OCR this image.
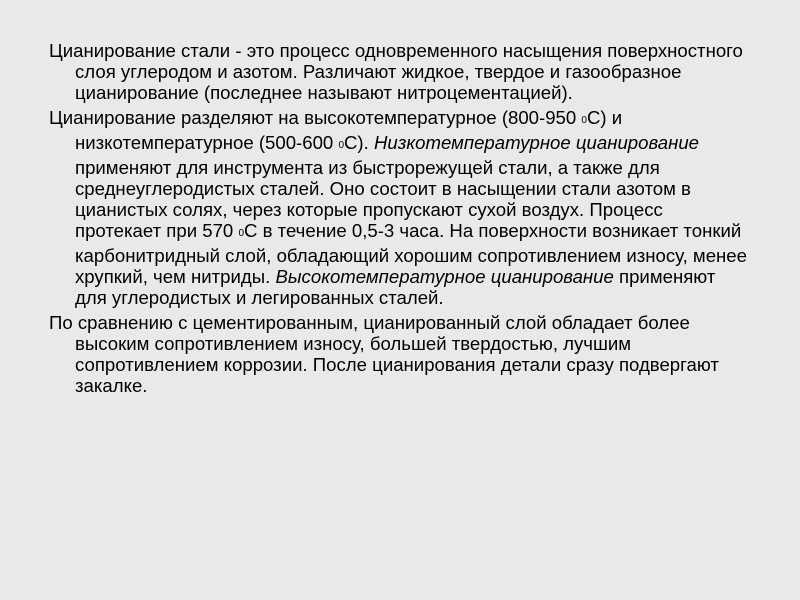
Цианирование стали - это процесс одновременного насыщения поверхностного слоя углеродом и азотом. Различают жидкое, твердое и газообразное цианирование (последнее называют нитроцементацией).

Цианирование разделяют на высокотемпературное (800-950 $^0$С) и низкотемпературное (500-600 $^0$С). Низкотемпературное цианирование применяют для инструмента из быстрорежущей стали, а также для среднеуглеродистых сталей. Оно состоит в насыщении стали азотом в цианистых солях, через которые пропускают сухой воздух. Процесс протекает при 570 $^0$С в течение 0,5-3 часа. На поверхности возникает тонкий карбонитридный слой, обладающий хорошим сопротивлением износу, менее хрупкий, чем нитриды. Высокотемпературное цианирование применяют для углеродистых и легированных сталей.

По сравнению с цементированным, цианированный слой обладает более высоким сопротивлением износу, большей твердостью, лучшим сопротивлением коррозии. После цианирования детали сразу подвергают закалке.
